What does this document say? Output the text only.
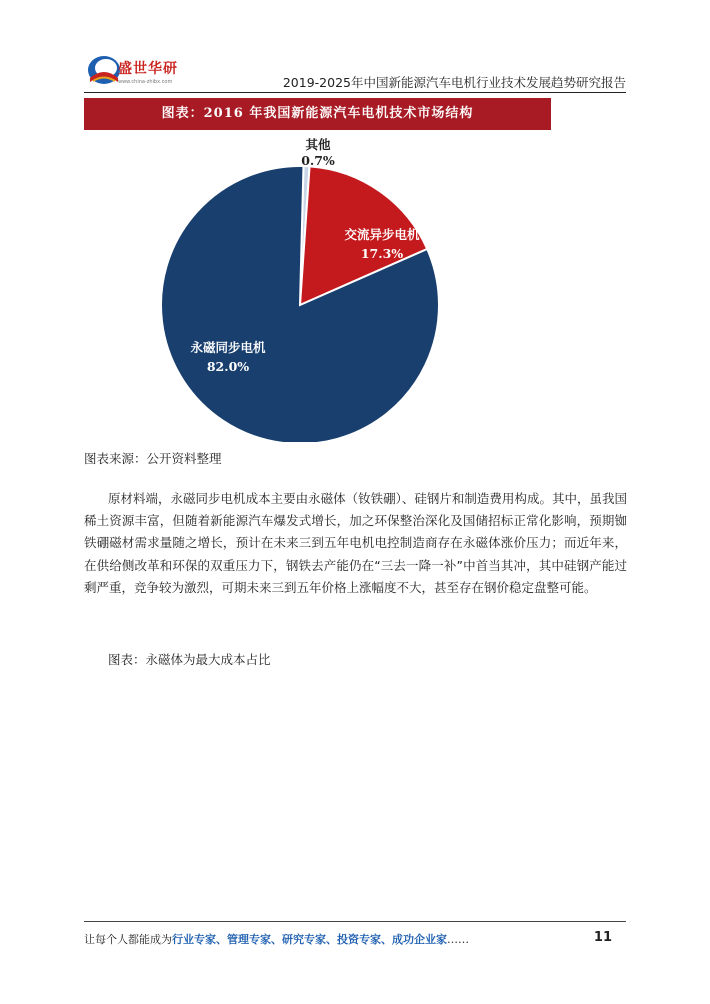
盛世华研
www.china-zhibx.com	2019-2025年中国新能源汽车电机行业技术发展趋势研究报告
图表：2016 年我国新能源汽车电机技术市场结构
其他
0.7%
交流异步电机
17.3%
永磁同步电机
82.0%
图表来源：公开资料整理
原材料端，永磁同步电机成本主要由永磁体（钕铁硼）、硅钢片和制造费用构成。其中，虽我国稀土资源丰富，但随着新能源汽车爆发式增长，加之环保整治深化及国储招标正常化影响，预期铷铁硼磁材需求量随之增长，预计在未来三到五年电机电控制造商存在永磁体涨价压力；而近年来，在供给侧改革和环保的双重压力下，钢铁去产能仍在“三去一降一补”中首当其冲，其中硅钢产能过剩严重，竞争较为激烈，可期未来三到五年价格上涨幅度不大，甚至存在钢价稳定盘整可能。
图表：永磁体为最大成本占比
让每个人都能成为行业专家、管理专家、研究专家、投资专家、成功企业家……	11
